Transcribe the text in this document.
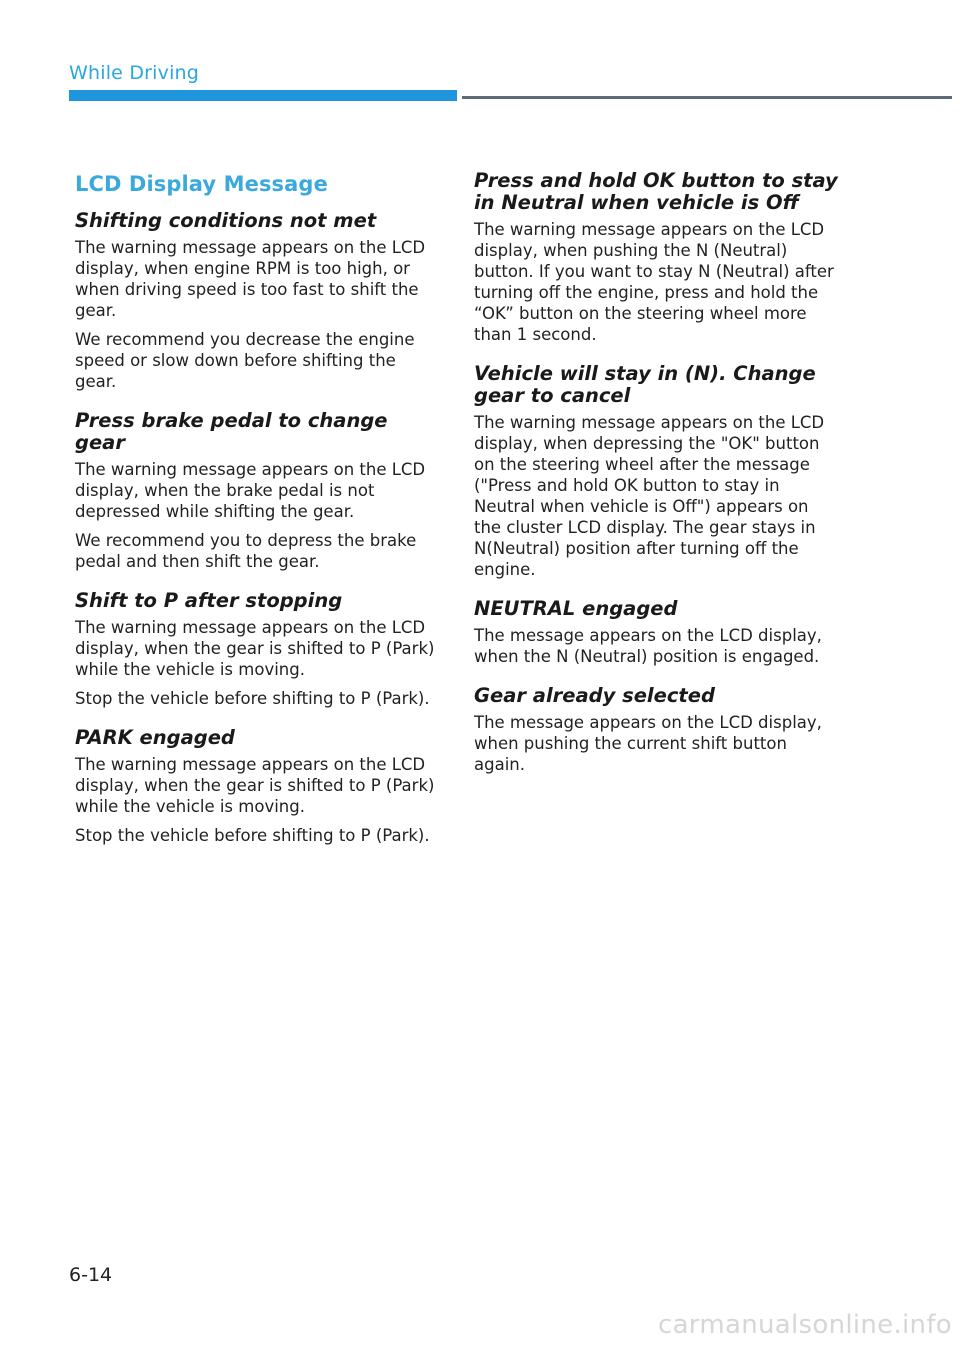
While Driving
LCD Display Message
Shifting conditions not met

The warning message appears on the LCD display, when engine RPM is too high, or when driving speed is too fast to shift the gear.

We recommend you decrease the engine speed or slow down before shifting the gear.

Press brake pedal to change gear

The warning message appears on the LCD display, when the brake pedal is not depressed while shifting the gear.

We recommend you to depress the brake pedal and then shift the gear.

Shift to P after stopping

The warning message appears on the LCD display, when the gear is shifted to P (Park) while the vehicle is moving.

Stop the vehicle before shifting to P (Park).

PARK engaged

The warning message appears on the LCD display, when the gear is shifted to P (Park) while the vehicle is moving.

Stop the vehicle before shifting to P (Park).

Press and hold OK button to stay in Neutral when vehicle is Off

The warning message appears on the LCD display, when pushing the N (Neutral) button. If you want to stay N (Neutral) after turning off the engine, press and hold the “OK” button on the steering wheel more than 1 second.

Vehicle will stay in (N). Change gear to cancel

The warning message appears on the LCD display, when depressing the "OK" button on the steering wheel after the message ("Press and hold OK button to stay in Neutral when vehicle is Off") appears on the cluster LCD display. The gear stays in N(Neutral) position after turning off the engine.

NEUTRAL engaged

The message appears on the LCD display, when the N (Neutral) position is engaged.

Gear already selected

The message appears on the LCD display, when pushing the current shift button again.

6-14
carmanualsonline.info
